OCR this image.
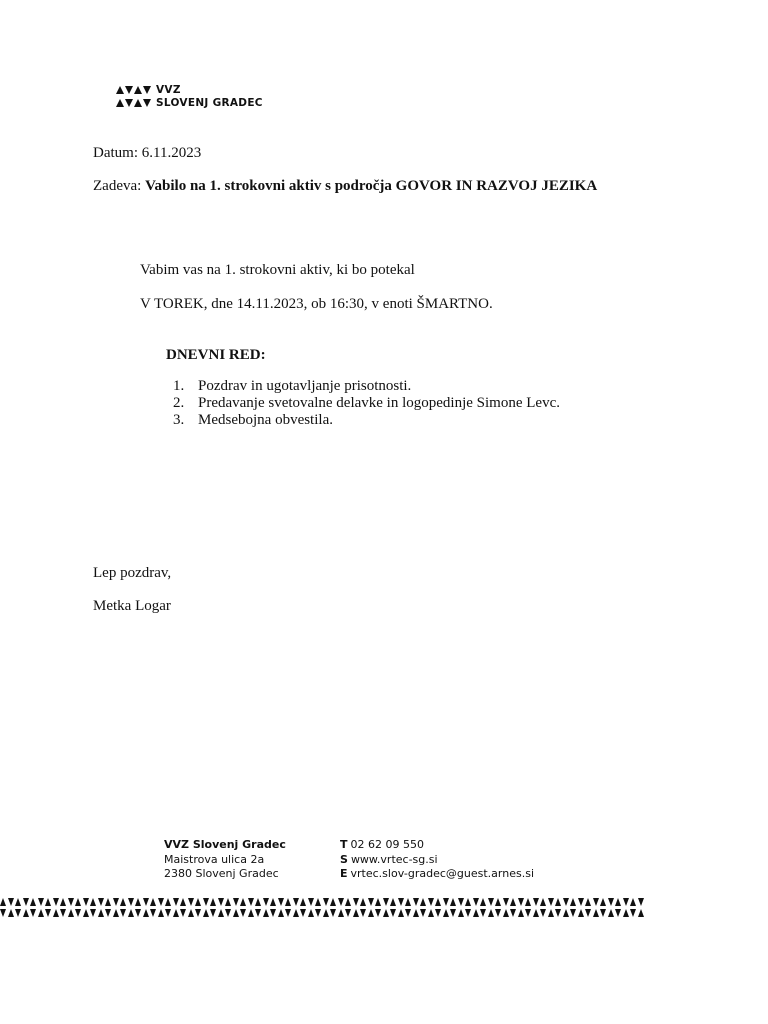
VVZ
SLOVENJ GRADEC
Datum: 6.11.2023
Zadeva: Vabilo na 1. strokovni aktiv s področja GOVOR IN RAZVOJ JEZIKA
Vabim vas na 1. strokovni aktiv, ki bo potekal
V TOREK, dne 14.11.2023, ob 16:30, v enoti ŠMARTNO.
DNEVNI RED:
1. Pozdrav in ugotavljanje prisotnosti.
2. Predavanje svetovalne delavke in logopedinje Simone Levc.
3. Medsebojna obvestila.
Lep pozdrav,
Metka Logar
VVZ Slovenj Gradec
Maistrova ulica 2a
2380 Slovenj Gradec
T 02 62 09 550
S www.vrtec-sg.si
E vrtec.slov-gradec@guest.arnes.si
